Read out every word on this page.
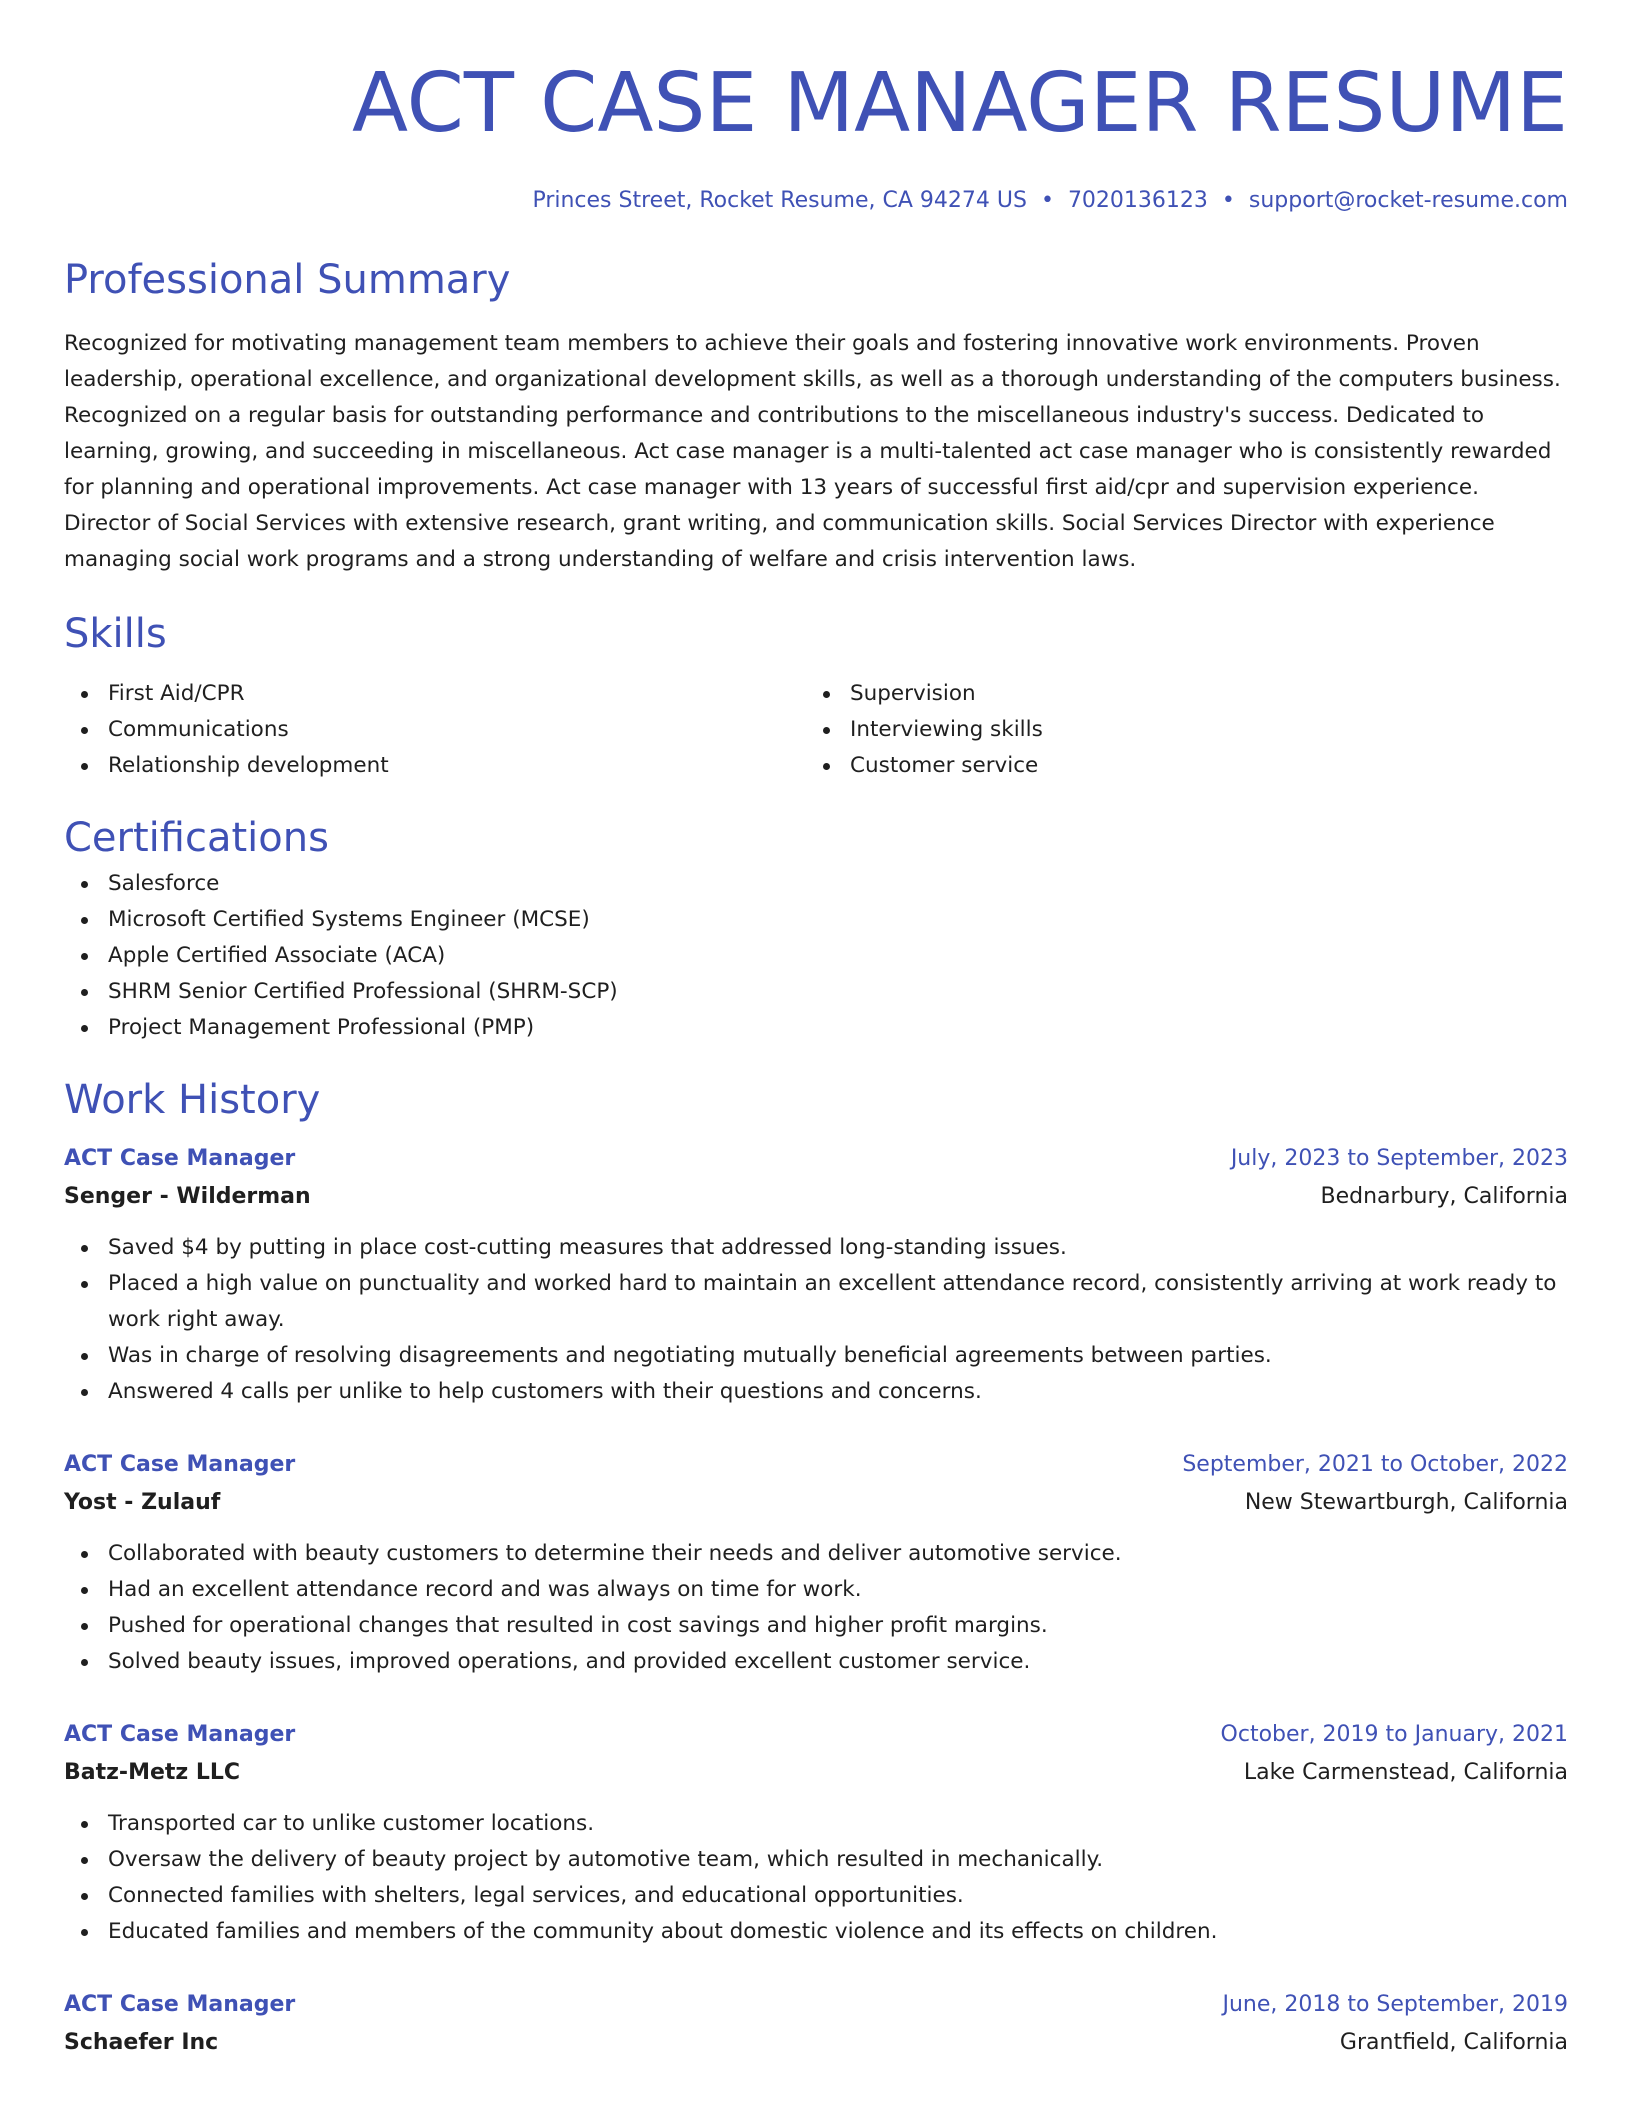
ACT CASE MANAGER RESUME
Princes Street, Rocket Resume, CA 94274 US • 7020136123 • support@rocket-resume.com
Professional Summary
Recognized for motivating management team members to achieve their goals and fostering innovative work environments. Proven leadership, operational excellence, and organizational development skills, as well as a thorough understanding of the computers business. Recognized on a regular basis for outstanding performance and contributions to the miscellaneous industry's success. Dedicated to learning, growing, and succeeding in miscellaneous. Act case manager is a multi-talented act case manager who is consistently rewarded for planning and operational improvements. Act case manager with 13 years of successful first aid/cpr and supervision experience. Director of Social Services with extensive research, grant writing, and communication skills. Social Services Director with experience managing social work programs and a strong understanding of welfare and crisis intervention laws.
Skills
First Aid/CPR
Communications
Relationship development
Supervision
Interviewing skills
Customer service
Certifications
Salesforce
Microsoft Certified Systems Engineer (MCSE)
Apple Certified Associate (ACA)
SHRM Senior Certified Professional (SHRM-SCP)
Project Management Professional (PMP)
Work History
ACT Case Manager	July, 2023 to September, 2023
Senger - Wilderman	Bednarbury, California
Saved $4 by putting in place cost-cutting measures that addressed long-standing issues.
Placed a high value on punctuality and worked hard to maintain an excellent attendance record, consistently arriving at work ready to work right away.
Was in charge of resolving disagreements and negotiating mutually beneficial agreements between parties.
Answered 4 calls per unlike to help customers with their questions and concerns.
ACT Case Manager	September, 2021 to October, 2022
Yost - Zulauf	New Stewartburgh, California
Collaborated with beauty customers to determine their needs and deliver automotive service.
Had an excellent attendance record and was always on time for work.
Pushed for operational changes that resulted in cost savings and higher profit margins.
Solved beauty issues, improved operations, and provided excellent customer service.
ACT Case Manager	October, 2019 to January, 2021
Batz-Metz LLC	Lake Carmenstead, California
Transported car to unlike customer locations.
Oversaw the delivery of beauty project by automotive team, which resulted in mechanically.
Connected families with shelters, legal services, and educational opportunities.
Educated families and members of the community about domestic violence and its effects on children.
ACT Case Manager	June, 2018 to September, 2019
Schaefer Inc	Grantfield, California
